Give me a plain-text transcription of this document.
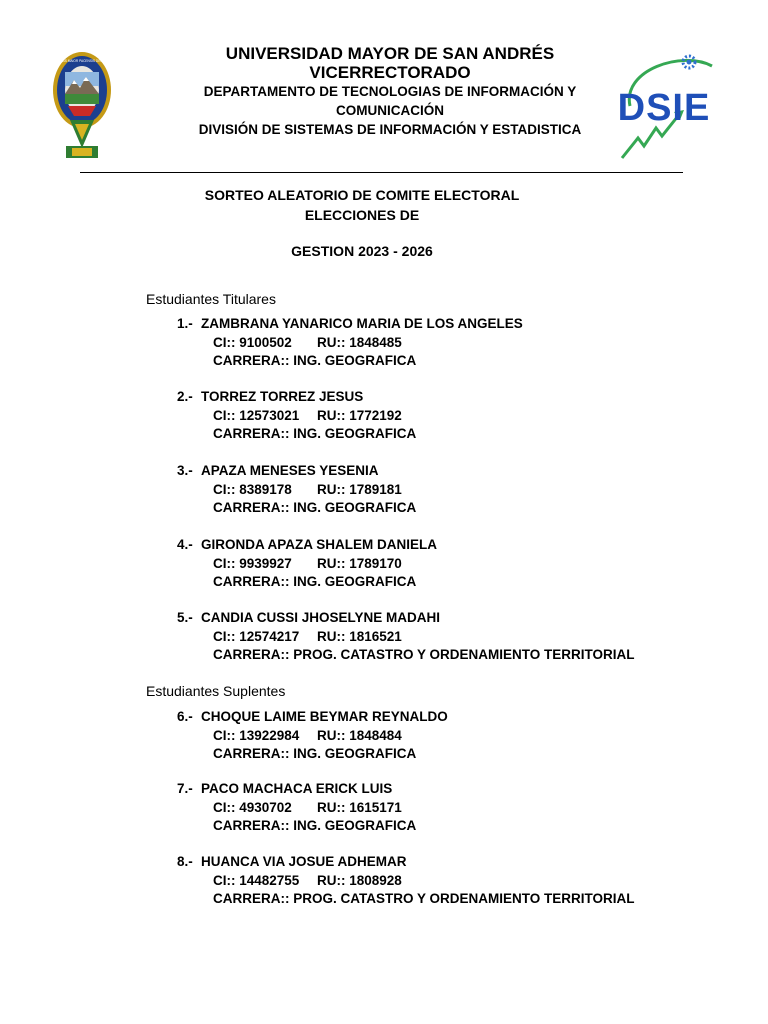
UNIVERSITAS MAIOR PACENSIS DIVI ANDREAE	UNIVERSIDAD MAYOR DE SAN ANDRÉS
VICERRECTORADO
DEPARTAMENTO DE TECNOLOGIAS DE INFORMACIÓN Y
COMUNICACIÓN
DIVISIÓN DE SISTEMAS DE INFORMACIÓN Y ESTADISTICA
DSIE
SORTEO ALEATORIO DE COMITE ELECTORAL
ELECCIONES DE
GESTION 2023 - 2026
Estudiantes Titulares
1.- ZAMBRANA YANARICO MARIA DE LOS ANGELES
CI:: 9100502 RU:: 1848485
CARRERA:: ING. GEOGRAFICA
2.- TORREZ TORREZ JESUS
CI:: 12573021 RU:: 1772192
CARRERA:: ING. GEOGRAFICA
3.- APAZA MENESES YESENIA
CI:: 8389178 RU:: 1789181
CARRERA:: ING. GEOGRAFICA
4.- GIRONDA APAZA SHALEM DANIELA
CI:: 9939927 RU:: 1789170
CARRERA:: ING. GEOGRAFICA
5.- CANDIA CUSSI JHOSELYNE MADAHI
CI:: 12574217 RU:: 1816521
CARRERA:: PROG. CATASTRO Y ORDENAMIENTO TERRITORIAL
Estudiantes Suplentes
6.- CHOQUE LAIME BEYMAR REYNALDO
CI:: 13922984 RU:: 1848484
CARRERA:: ING. GEOGRAFICA
7.- PACO MACHACA ERICK LUIS
CI:: 4930702 RU:: 1615171
CARRERA:: ING. GEOGRAFICA
8.- HUANCA VIA JOSUE ADHEMAR
CI:: 14482755 RU:: 1808928
CARRERA:: PROG. CATASTRO Y ORDENAMIENTO TERRITORIAL
